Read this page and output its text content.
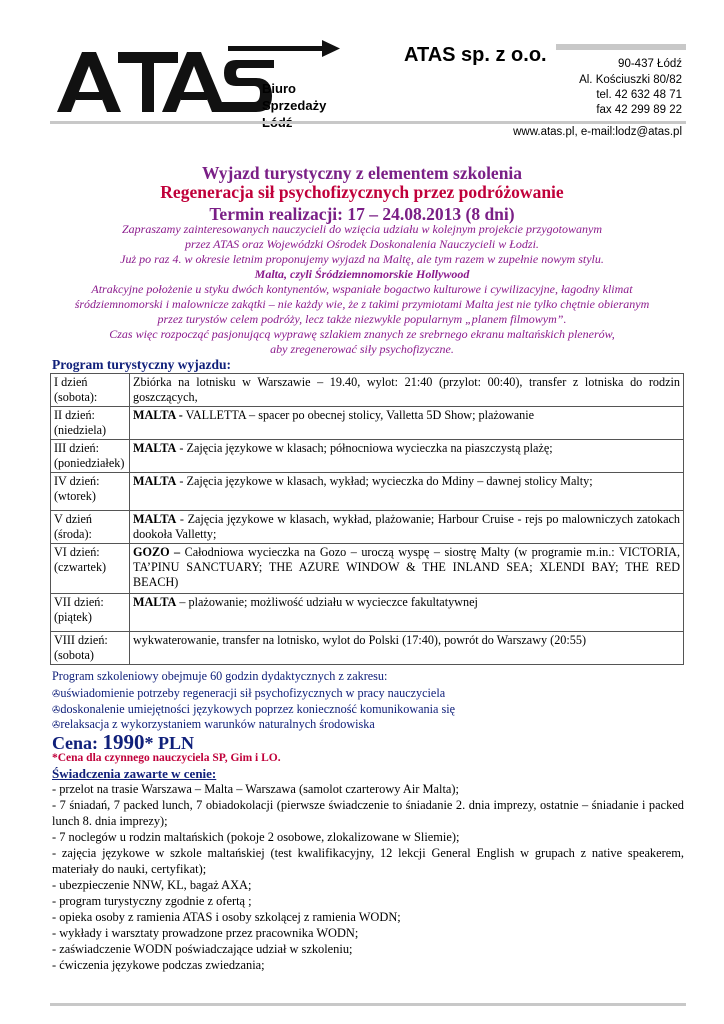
Biuro
Sprzedaży
ATAS sp. z o.o.	90-437 Łódź
Al. Kościuszki 80/82
tel. 42 632 48 71
fax 42 299 89 22
www.atas.pl, e-mail:lodz@atas.pl
Wyjazd turystyczny z elementem szkolenia
Regeneracja sił psychofizycznych przez podróżowanie
Termin realizacji: 17 – 24.08.2013 (8 dni)
Zapraszamy zainteresowanych nauczycieli do wzięcia udziału w kolejnym projekcie przygotowanym
przez ATAS oraz Wojewódzki Ośrodek Doskonalenia Nauczycieli w Łodzi.
Już po raz 4. w okresie letnim proponujemy wyjazd na Maltę, ale tym razem w zupełnie nowym stylu.
Malta, czyli Śródziemnomorskie Hollywood
Atrakcyjne położenie u styku dwóch kontynentów, wspaniałe bogactwo kulturowe i cywilizacyjne, łagodny klimat
śródziemnomorski i malownicze zakątki – nie każdy wie, że z takimi przymiotami Malta jest nie tylko chętnie obieranym
przez turystów celem podróży, lecz także niezwykle popularnym „planem filmowym”.
Czas więc rozpocząć pasjonującą wyprawę szlakiem znanych ze srebrnego ekranu maltańskich plenerów,
aby zregenerować siły psychofizyczne.
Program turystyczny wyjazdu:
I dzień
(sobota):	Zbiórka na lotnisku w Warszawie – 19.40, wylot: 21:40 (przylot: 00:40), transfer z lotniska do rodzin goszczących,

II dzień:
(niedziela)	MALTA - VALLETTA – spacer po obecnej stolicy, Valletta 5D Show; plażowanie

III dzień:
(poniedziałek)	MALTA - Zajęcia językowe w klasach; północniowa wycieczka na piaszczystą plażę;

IV dzień:
(wtorek)	MALTA - Zajęcia językowe w klasach, wykład; wycieczka do Mdiny – dawnej stolicy Malty;

V dzień
(środa):	MALTA - Zajęcia językowe w klasach, wykład, plażowanie; Harbour Cruise - rejs po malowniczych zatokach dookoła Valletty;

VI dzień:
(czwartek)	GOZO – Całodniowa wycieczka na Gozo – uroczą wyspę – siostrę Malty (w programie m.in.: VICTORIA, TA’PINU SANCTUARY; THE AZURE WINDOW & THE INLAND SEA; XLENDI BAY; THE RED BEACH)

VII dzień:
(piątek)	MALTA – plażowanie; możliwość udziału w wycieczce fakultatywnej

VIII dzień:
(sobota)	wykwaterowanie, transfer na lotnisko, wylot do Polski (17:40), powrót do Warszawy (20:55)
Program szkoleniowy obejmuje 60 godzin dydaktycznych z zakresu:
✇uświadomienie potrzeby regeneracji sił psychofizycznych w pracy nauczyciela
✇doskonalenie umiejętności językowych poprzez konieczność komunikowania się
✇relaksacja z wykorzystaniem warunków naturalnych środowiska
Cena: 1990* PLN
*Cena dla czynnego nauczyciela SP, Gim i LO.
Świadczenia zawarte w cenie:
- przelot na trasie Warszawa – Malta – Warszawa (samolot czarterowy Air Malta);
- 7 śniadań, 7 packed lunch, 7 obiadokolacji (pierwsze świadczenie to śniadanie 2. dnia imprezy, ostatnie – śniadanie i packed lunch 8. dnia imprezy);
- 7 noclegów u rodzin maltańskich (pokoje 2 osobowe, zlokalizowane w Sliemie);
- zajęcia językowe w szkole maltańskiej (test kwalifikacyjny, 12 lekcji General English w grupach z native speakerem, materiały do nauki, certyfikat);
- ubezpieczenie NNW, KL, bagaż AXA;
- program turystyczny zgodnie z ofertą ;
- opieka osoby z ramienia ATAS i osoby szkolącej z ramienia WODN;
- wykłady i warsztaty prowadzone przez pracownika WODN;
- zaświadczenie WODN poświadczające udział w szkoleniu;
- ćwiczenia językowe podczas zwiedzania;
